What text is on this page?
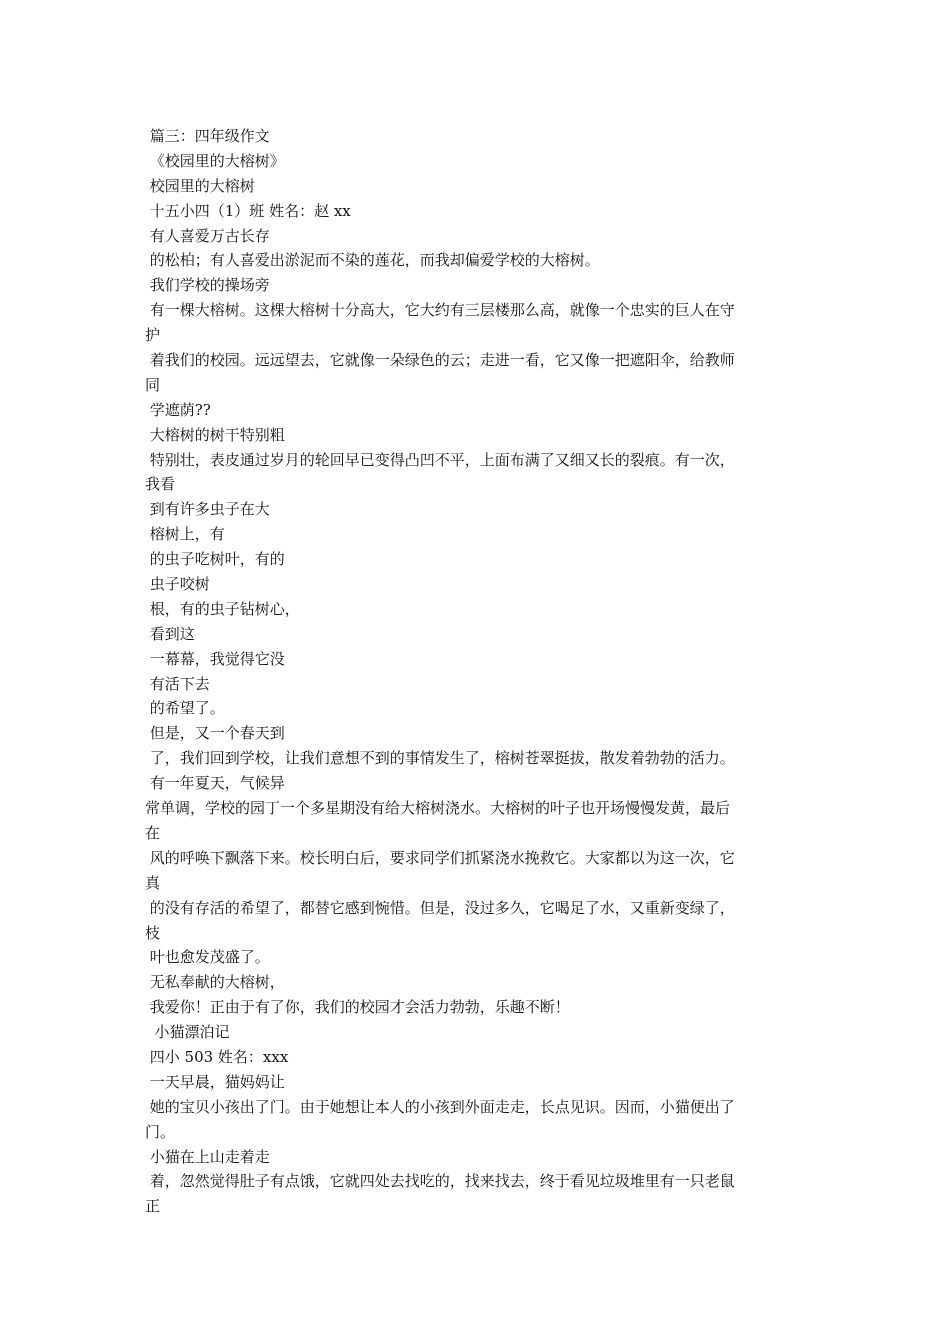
篇三：四年级作文
《校园里的大榕树》
校园里的大榕树
十五小四（1）班 姓名：赵 xx
有人喜爱万古长存
的松柏；有人喜爱出淤泥而不染的莲花，而我却偏爱学校的大榕树。
我们学校的操场旁
有一棵大榕树。这棵大榕树十分高大，它大约有三层楼那么高，就像一个忠实的巨人在守
护
着我们的校园。远远望去，它就像一朵绿色的云；走进一看，它又像一把遮阳伞，给教师
同
学遮荫??
大榕树的树干特别粗
特别壮，表皮通过岁月的轮回早已变得凸凹不平，上面布满了又细又长的裂痕。有一次，
我看
到有许多虫子在大
榕树上，有
的虫子吃树叶，有的
虫子咬树
根，有的虫子钻树心，
看到这
一幕幕，我觉得它没
有活下去
的希望了。
但是，又一个春天到
了，我们回到学校，让我们意想不到的事情发生了，榕树苍翠挺拔，散发着勃勃的活力。
有一年夏天，气候异
常单调，学校的园丁一个多星期没有给大榕树浇水。大榕树的叶子也开场慢慢发黄，最后
在
风的呼唤下飘落下来。校长明白后，要求同学们抓紧浇水挽救它。大家都以为这一次，它
真
的没有存活的希望了，都替它感到惋惜。但是，没过多久，它喝足了水，又重新变绿了，
枝
叶也愈发茂盛了。
无私奉献的大榕树，
我爱你！正由于有了你，我们的校园才会活力勃勃，乐趣不断！
小猫漂泊记
四小 503 姓名：xxx
一天早晨，猫妈妈让
她的宝贝小孩出了门。由于她想让本人的小孩到外面走走，长点见识。因而，小猫便出了
门。
小猫在上山走着走
着，忽然觉得肚子有点饿，它就四处去找吃的，找来找去，终于看见垃圾堆里有一只老鼠
正
